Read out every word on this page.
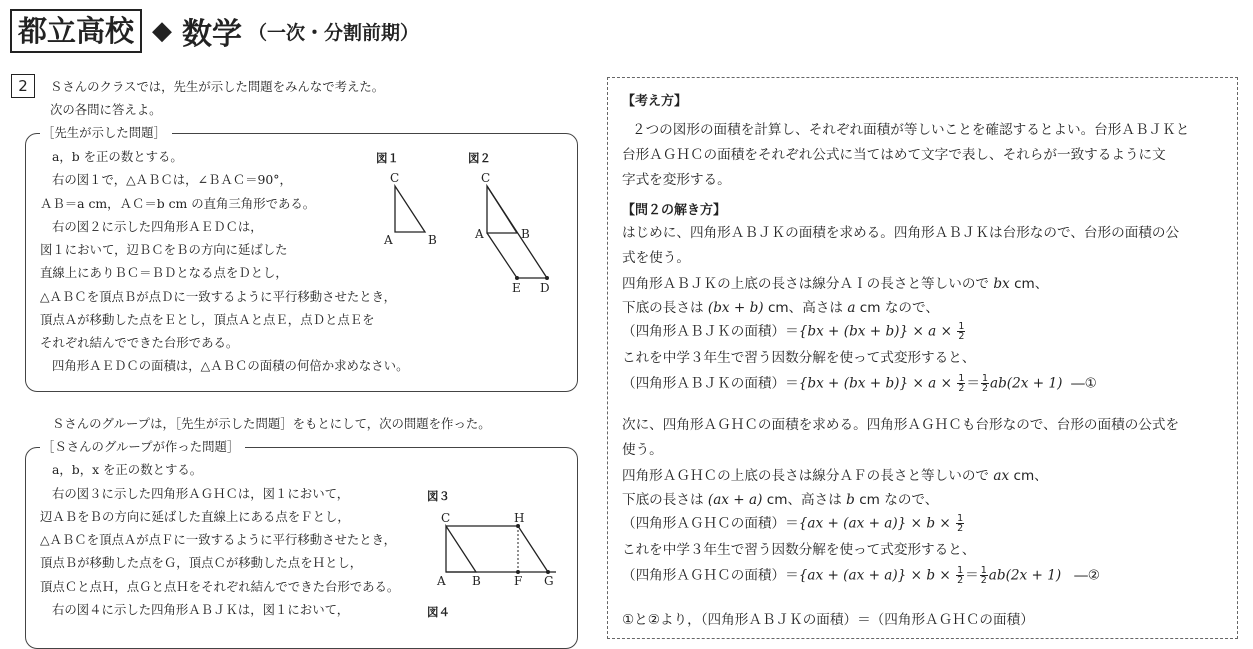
都立高校 ◆ 数学 （一次・分割前期）
2	Ｓさんのクラスでは，先生が示した問題をみんなで考えた。
次の各問に答えよ。
［先生が示した問題］
a，b を正の数とする。
右の図１で，△ＡＢＣは，∠ＢＡＣ＝90°，
ＡＢ＝a cm，ＡＣ＝b cm の直角三角形である。
右の図２に示した四角形ＡＥＤＣは，
図１において，辺ＢＣをＢの方向に延ばした
直線上にありＢＣ＝ＢＤとなる点をＤとし，
△ＡＢＣを頂点Ｂが点Ｄに一致するように平行移動させたとき，
頂点Ａが移動した点をＥとし，頂点Ａと点Ｅ，点Ｄと点Ｅを
それぞれ結んでできた台形である。
四角形ＡＥＤＣの面積は，△ＡＢＣの面積の何倍か求めなさい。
図１	図２
C
A	B
C
A	B
E D
Ｓさんのグループは，［先生が示した問題］をもとにして，次の問題を作った。
［Ｓさんのグループが作った問題］
a，b，x を正の数とする。
右の図３に示した四角形ＡＧＨＣは，図１において，
辺ＡＢをＢの方向に延ばした直線上にある点をＦとし，
△ＡＢＣを頂点Ａが点Ｆに一致するように平行移動させたとき，
頂点Ｂが移動した点をＧ，頂点Ｃが移動した点をＨとし，
頂点Ｃと点Ｈ，点Ｇと点Ｈをそれぞれ結んでできた台形である。
右の図４に示した四角形ＡＢＪＫは，図１において，
図３
図４
C	H
A B	F G
【考え方】
２つの図形の面積を計算し、それぞれ面積が等しいことを確認するとよい。台形ＡＢＪＫと
台形ＡＧＨＣの面積をそれぞれ公式に当てはめて文字で表し、それらが一致するように文
字式を変形する。
【問２の解き方】
はじめに、四角形ＡＢＪＫの面積を求める。四角形ＡＢＪＫは台形なので、台形の面積の公
式を使う。
四角形ＡＢＪＫの上底の長さは線分ＡＩの長さと等しいので bx cm、
下底の長さは (bx + b) cm、高さは a cm なので、
（四角形ＡＢＪＫの面積）$=\{bx + (bx + b)\} \times a \times \frac{1}{2}$
これを中学３年生で習う因数分解を使って式変形すると、
（四角形ＡＢＪＫの面積）$=\{bx + (bx + b)\} \times a \times \frac{1}{2} = \frac{1}{2} ab(2x + 1)$ ―①
次に、四角形ＡＧＨＣの面積を求める。四角形ＡＧＨＣも台形なので、台形の面積の公式を
使う。
四角形ＡＧＨＣの上底の長さは線分ＡＦの長さと等しいので ax cm、
下底の長さは (ax + a) cm、高さは b cm なので、
（四角形ＡＧＨＣの面積）$=\{ax + (ax + a)\} \times b \times \frac{1}{2}$
これを中学３年生で習う因数分解を使って式変形すると、
（四角形ＡＧＨＣの面積）$=\{ax + (ax + a)\} \times b \times \frac{1}{2} = \frac{1}{2} ab(2x + 1)$ ―②
①と②より，（四角形ＡＢＪＫの面積）＝（四角形ＡＧＨＣの面積）
